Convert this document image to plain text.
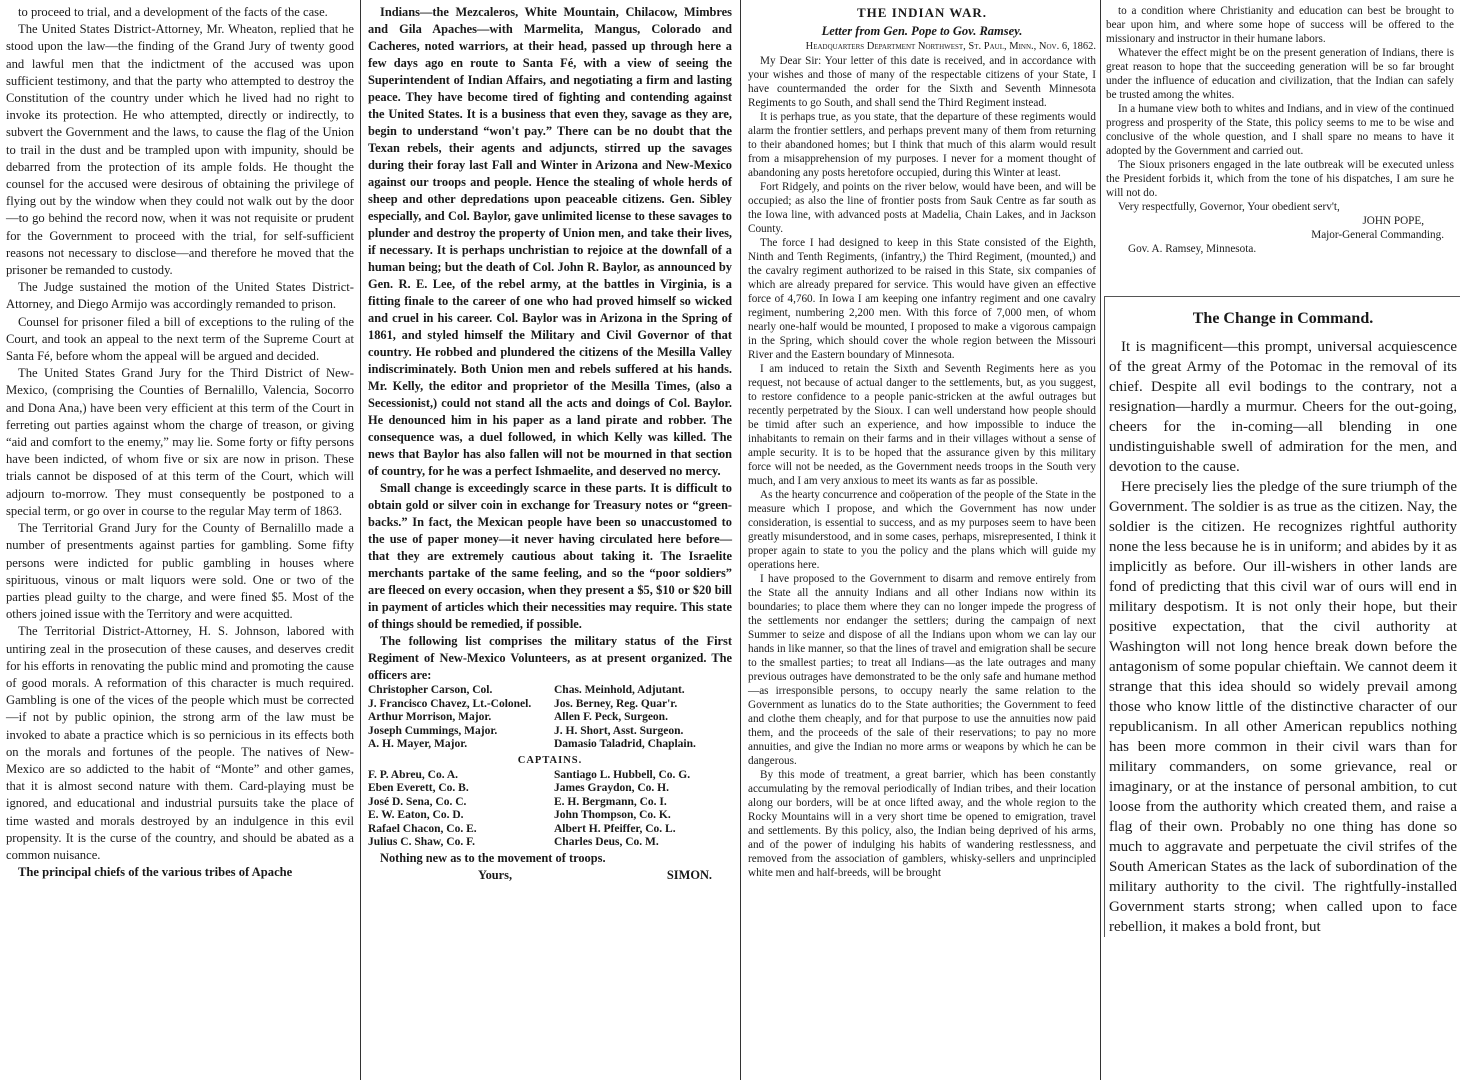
to proceed to trial, and a development of the facts of the case.

The United States District-Attorney, Mr. Wheaton, replied that he stood upon the law—the finding of the Grand Jury of twenty good and lawful men that the indictment of the accused was upon sufficient testimony, and that the party who attempted to destroy the Constitution of the country under which he lived had no right to invoke its protection. He who attempted, directly or indirectly, to subvert the Government and the laws, to cause the flag of the Union to trail in the dust and be trampled upon with impunity, should be debarred from the protection of its ample folds. He thought the counsel for the accused were desirous of obtaining the privilege of flying out by the window when they could not walk out by the door—to go behind the record now, when it was not requisite or prudent for the Government to proceed with the trial, for self-sufficient reasons not necessary to disclose—and therefore he moved that the prisoner be remanded to custody.

The Judge sustained the motion of the United States District-Attorney, and Diego Armijo was accordingly remanded to prison.

Counsel for prisoner filed a bill of exceptions to the ruling of the Court, and took an appeal to the next term of the Supreme Court at Santa Fé, before whom the appeal will be argued and decided.

The United States Grand Jury for the Third District of New-Mexico, (comprising the Counties of Bernalillo, Valencia, Socorro and Dona Ana,) have been very efficient at this term of the Court in ferreting out parties against whom the charge of treason, or giving “aid and comfort to the enemy,” may lie. Some forty or fifty persons have been indicted, of whom five or six are now in prison. These trials cannot be disposed of at this term of the Court, which will adjourn to-morrow. They must consequently be postponed to a special term, or go over in course to the regular May term of 1863.

The Territorial Grand Jury for the County of Bernalillo made a number of presentments against parties for gambling. Some fifty persons were indicted for public gambling in houses where spirituous, vinous or malt liquors were sold. One or two of the parties plead guilty to the charge, and were fined $5. Most of the others joined issue with the Territory and were acquitted.

The Territorial District-Attorney, H. S. Johnson, labored with untiring zeal in the prosecution of these causes, and deserves credit for his efforts in renovating the public mind and promoting the cause of good morals. A reformation of this character is much required. Gambling is one of the vices of the people which must be corrected—if not by public opinion, the strong arm of the law must be invoked to abate a practice which is so pernicious in its effects both on the morals and fortunes of the people. The natives of New-Mexico are so addicted to the habit of “Monte” and other games, that it is almost second nature with them. Card-playing must be ignored, and educational and industrial pursuits take the place of time wasted and morals destroyed by an indulgence in this evil propensity. It is the curse of the country, and should be abated as a common nuisance.

The principal chiefs of the various tribes of Apache

Indians—the Mezcaleros, White Mountain, Chilacow, Mimbres and Gila Apaches—with Marmelita, Mangus, Colorado and Cacheres, noted warriors, at their head, passed up through here a few days ago en route to Santa Fé, with a view of seeing the Superintendent of Indian Affairs, and negotiating a firm and lasting peace. They have become tired of fighting and contending against the United States. It is a business that even they, savage as they are, begin to understand “won't pay.” There can be no doubt that the Texan rebels, their agents and adjuncts, stirred up the savages during their foray last Fall and Winter in Arizona and New-Mexico against our troops and people. Hence the stealing of whole herds of sheep and other depredations upon peaceable citizens. Gen. Sibley especially, and Col. Baylor, gave unlimited license to these savages to plunder and destroy the property of Union men, and take their lives, if necessary. It is perhaps unchristian to rejoice at the downfall of a human being; but the death of Col. John R. Baylor, as announced by Gen. R. E. Lee, of the rebel army, at the battles in Virginia, is a fitting finale to the career of one who had proved himself so wicked and cruel in his career. Col. Baylor was in Arizona in the Spring of 1861, and styled himself the Military and Civil Governor of that country. He robbed and plundered the citizens of the Mesilla Valley indiscriminately. Both Union men and rebels suffered at his hands. Mr. Kelly, the editor and proprietor of the Mesilla Times, (also a Secessionist,) could not stand all the acts and doings of Col. Baylor. He denounced him in his paper as a land pirate and robber. The consequence was, a duel followed, in which Kelly was killed. The news that Baylor has also fallen will not be mourned in that section of country, for he was a perfect Ishmaelite, and deserved no mercy.

Small change is exceedingly scarce in these parts. It is difficult to obtain gold or silver coin in exchange for Treasury notes or “green-backs.” In fact, the Mexican people have been so unaccustomed to the use of paper money—it never having circulated here before—that they are extremely cautious about taking it. The Israelite merchants partake of the same feeling, and so the “poor soldiers” are fleeced on every occasion, when they present a $5, $10 or $20 bill in payment of articles which their necessities may require. This state of things should be remedied, if possible.

The following list comprises the military status of the First Regiment of New-Mexico Volunteers, as at present organized. The officers are:

Christopher Carson, Col.
J. Francisco Chavez, Lt.-Colonel.
Arthur Morrison, Major.
Joseph Cummings, Major.
A. H. Mayer, Major.
Chas. Meinhold, Adjutant.
Jos. Berney, Reg. Quar'r.
Allen F. Peck, Surgeon.
J. H. Short, Asst. Surgeon.
Damasio Taladrid, Chaplain.

CAPTAINS.

F. P. Abreu, Co. A.
Eben Everett, Co. B.
José D. Sena, Co. C.
E. W. Eaton, Co. D.
Rafael Chacon, Co. E.
Julius C. Shaw, Co. F.
Santiago L. Hubbell, Co. G.
James Graydon, Co. H.
E. H. Bergmann, Co. I.
John Thompson, Co. K.
Albert H. Pfeiffer, Co. L.
Charles Deus, Co. M.

Nothing new as to the movement of troops.

Yours,	SIMON.

THE INDIAN WAR.

Letter from Gen. Pope to Gov. Ramsey.

Headquarters Department Northwest, St. Paul, Minn., Nov. 6, 1862.

My Dear Sir: Your letter of this date is received, and in accordance with your wishes and those of many of the respectable citizens of your State, I have countermanded the order for the Sixth and Seventh Minnesota Regiments to go South, and shall send the Third Regiment instead.

It is perhaps true, as you state, that the departure of these regiments would alarm the frontier settlers, and perhaps prevent many of them from returning to their abandoned homes; but I think that much of this alarm would result from a misapprehension of my purposes. I never for a moment thought of abandoning any posts heretofore occupied, during this Winter at least.

Fort Ridgely, and points on the river below, would have been, and will be occupied; as also the line of frontier posts from Sauk Centre as far south as the Iowa line, with advanced posts at Madelia, Chain Lakes, and in Jackson County.

The force I had designed to keep in this State consisted of the Eighth, Ninth and Tenth Regiments, (infantry,) the Third Regiment, (mounted,) and the cavalry regiment authorized to be raised in this State, six companies of which are already prepared for service. This would have given an effective force of 4,760. In Iowa I am keeping one infantry regiment and one cavalry regiment, numbering 2,200 men. With this force of 7,000 men, of whom nearly one-half would be mounted, I proposed to make a vigorous campaign in the Spring, which should cover the whole region between the Missouri River and the Eastern boundary of Minnesota.

I am induced to retain the Sixth and Seventh Regiments here as you request, not because of actual danger to the settlements, but, as you suggest, to restore confidence to a people panic-stricken at the awful outrages but recently perpetrated by the Sioux. I can well understand how people should be timid after such an experience, and how impossible to induce the inhabitants to remain on their farms and in their villages without a sense of ample security. It is to be hoped that the assurance given by this military force will not be needed, as the Government needs troops in the South very much, and I am very anxious to meet its wants as far as possible.

As the hearty concurrence and coöperation of the people of the State in the measure which I propose, and which the Government has now under consideration, is essential to success, and as my purposes seem to have been greatly misunderstood, and in some cases, perhaps, misrepresented, I think it proper again to state to you the policy and the plans which will guide my operations here.

I have proposed to the Government to disarm and remove entirely from the State all the annuity Indians and all other Indians now within its boundaries; to place them where they can no longer impede the progress of the settlements nor endanger the settlers; during the campaign of next Summer to seize and dispose of all the Indians upon whom we can lay our hands in like manner, so that the lines of travel and emigration shall be secure to the smallest parties; to treat all Indians—as the late outrages and many previous outrages have demonstrated to be the only safe and humane method—as irresponsible persons, to occupy nearly the same relation to the Government as lunatics do to the State authorities; the Government to feed and clothe them cheaply, and for that purpose to use the annuities now paid them, and the proceeds of the sale of their reservations; to pay no more annuities, and give the Indian no more arms or weapons by which he can be dangerous.

By this mode of treatment, a great barrier, which has been constantly accumulating by the removal periodically of Indian tribes, and their location along our borders, will be at once lifted away, and the whole region to the Rocky Mountains will in a very short time be opened to emigration, travel and settlements. By this policy, also, the Indian being deprived of his arms, and of the power of indulging his habits of wandering restlessness, and removed from the association of gamblers, whisky-sellers and unprincipled white men and half-breeds, will be brought

to a condition where Christianity and education can best be brought to bear upon him, and where some hope of success will be offered to the missionary and instructor in their humane labors.

Whatever the effect might be on the present generation of Indians, there is great reason to hope that the succeeding generation will be so far brought under the influence of education and civilization, that the Indian can safely be trusted among the whites.

In a humane view both to whites and Indians, and in view of the continued progress and prosperity of the State, this policy seems to me to be wise and conclusive of the whole question, and I shall spare no means to have it adopted by the Government and carried out.

The Sioux prisoners engaged in the late outbreak will be executed unless the President forbids it, which from the tone of his dispatches, I am sure he will not do.

Very respectfully, Governor, Your obedient serv't,

JOHN POPE,

Major-General Commanding.

Gov. A. Ramsey, Minnesota.

The Change in Command.

It is magnificent—this prompt, universal acquiescence of the great Army of the Potomac in the removal of its chief. Despite all evil bodings to the contrary, not a resignation—hardly a murmur. Cheers for the out-going, cheers for the in-coming—all blending in one undistinguishable swell of admiration for the men, and devotion to the cause.

Here precisely lies the pledge of the sure triumph of the Government. The soldier is as true as the citizen. Nay, the soldier is the citizen. He recognizes rightful authority none the less because he is in uniform; and abides by it as implicitly as before. Our ill-wishers in other lands are fond of predicting that this civil war of ours will end in military despotism. It is not only their hope, but their positive expectation, that the civil authority at Washington will not long hence break down before the antagonism of some popular chieftain. We cannot deem it strange that this idea should so widely prevail among those who know little of the distinctive character of our republicanism. In all other American republics nothing has been more common in their civil wars than for military commanders, on some grievance, real or imaginary, or at the instance of personal ambition, to cut loose from the authority which created them, and raise a flag of their own. Probably no one thing has done so much to aggravate and perpetuate the civil strifes of the South American States as the lack of subordination of the military authority to the civil. The rightfully-installed Government starts strong; when called upon to face rebellion, it makes a bold front, but
